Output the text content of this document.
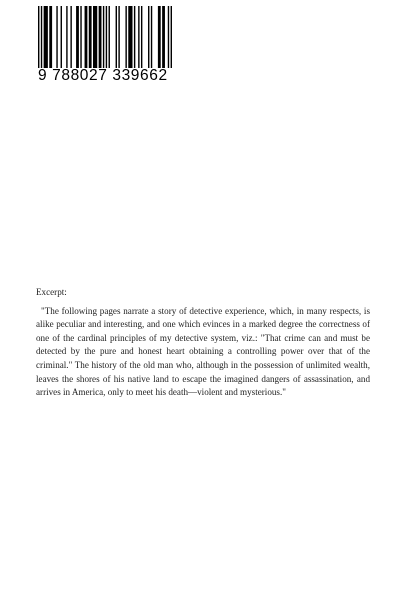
9 788027 339662

Excerpt:

"The following pages narrate a story of detective experience, which, in many respects, is alike peculiar and interesting, and one which evinces in a marked degree the correctness of one of the cardinal principles of my detective system, viz.: "That crime can and must be detected by the pure and honest heart obtaining a controlling power over that of the criminal." The history of the old man who, although in the possession of unlimited wealth, leaves the shores of his native land to escape the imagined dangers of assassination, and arrives in America, only to meet his death—violent and mysterious."
